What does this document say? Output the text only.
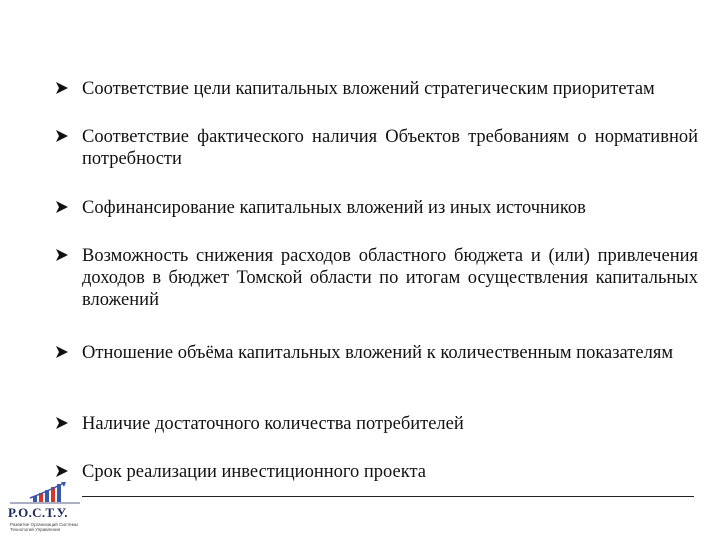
Соответствие цели капитальных вложений стратегическим приоритетам
Соответствие фактического наличия Объектов требованиям о нормативной потребности
Софинансирование капитальных вложений из иных источников
Возможность снижения расходов областного бюджета и (или) привлечения доходов в бюджет Томской области по итогам осуществления капитальных вложений
Отношение объёма капитальных вложений к количественным показателям
Наличие достаточного количества потребителей
Срок реализации инвестиционного проекта
Р.О.С.Т.У.
Развитие Организаций Системы Технологий Управления
